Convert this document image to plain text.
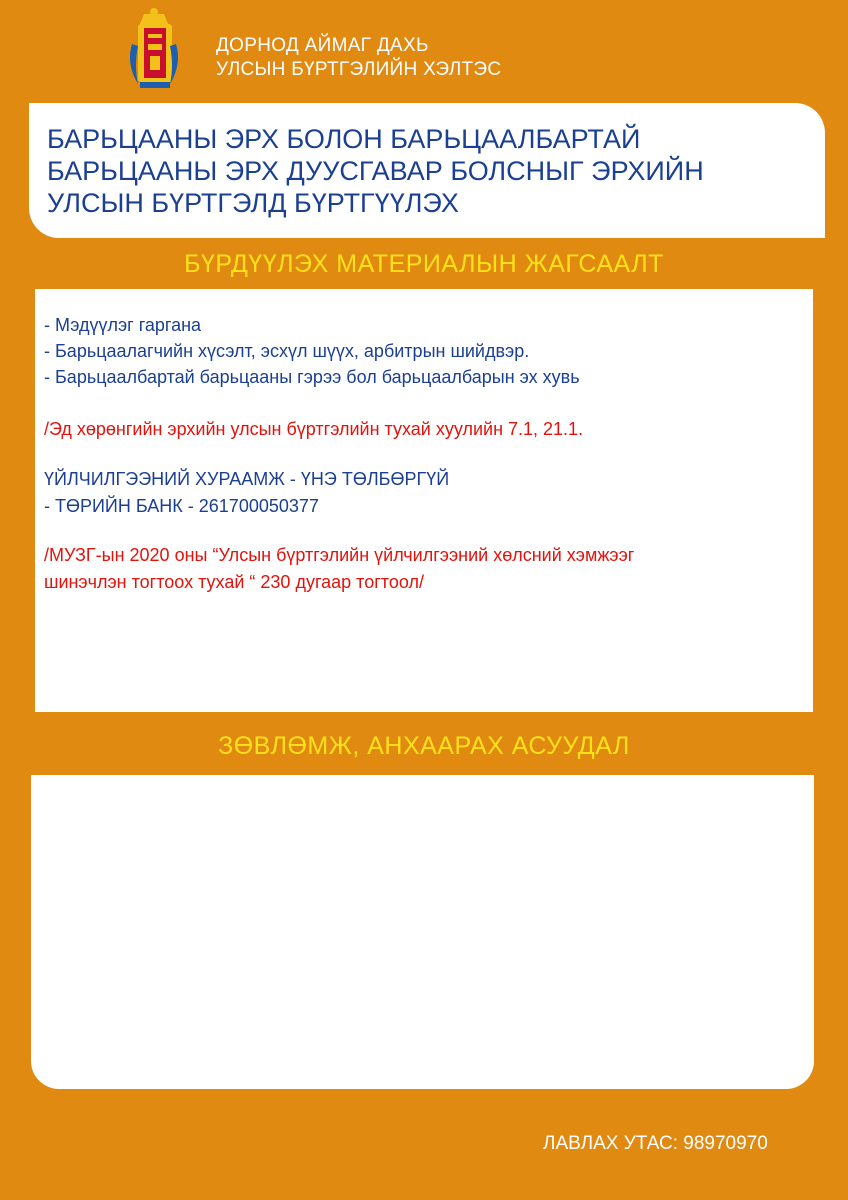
ДОРНОД АЙМАГ ДАХЬ
УЛСЫН БҮРТГЭЛИЙН ХЭЛТЭС
БАРЬЦААНЫ ЭРХ БОЛОН БАРЬЦААЛБАРТАЙ
БАРЬЦААНЫ ЭРХ ДУУСГАВАР БОЛСНЫГ ЭРХИЙН
УЛСЫН БҮРТГЭЛД БҮРТГҮҮЛЭХ
БҮРДҮҮЛЭХ МАТЕРИАЛЫН ЖАГСААЛТ
- Мэдүүлэг гаргана
- Барьцаалагчийн хүсэлт, эсхүл шүүх, арбитрын шийдвэр.
- Барьцаалбартай барьцааны гэрээ бол барьцаалбарын эх хувь
/Эд хөрөнгийн эрхийн улсын бүртгэлийн тухай хуулийн 7.1, 21.1.
ҮЙЛЧИЛГЭЭНИЙ ХУРААМЖ - ҮНЭ ТӨЛБӨРГҮЙ
- ТӨРИЙН БАНК - 261700050377
/МУЗГ-ын 2020 оны “Улсын бүртгэлийн үйлчилгээний хөлсний хэмжээг
шинэчлэн тогтоох тухай “ 230 дугаар тогтоол/
ЗӨВЛӨМЖ, АНХААРАХ АСУУДАЛ
ЛАВЛАХ УТАС: 98970970
